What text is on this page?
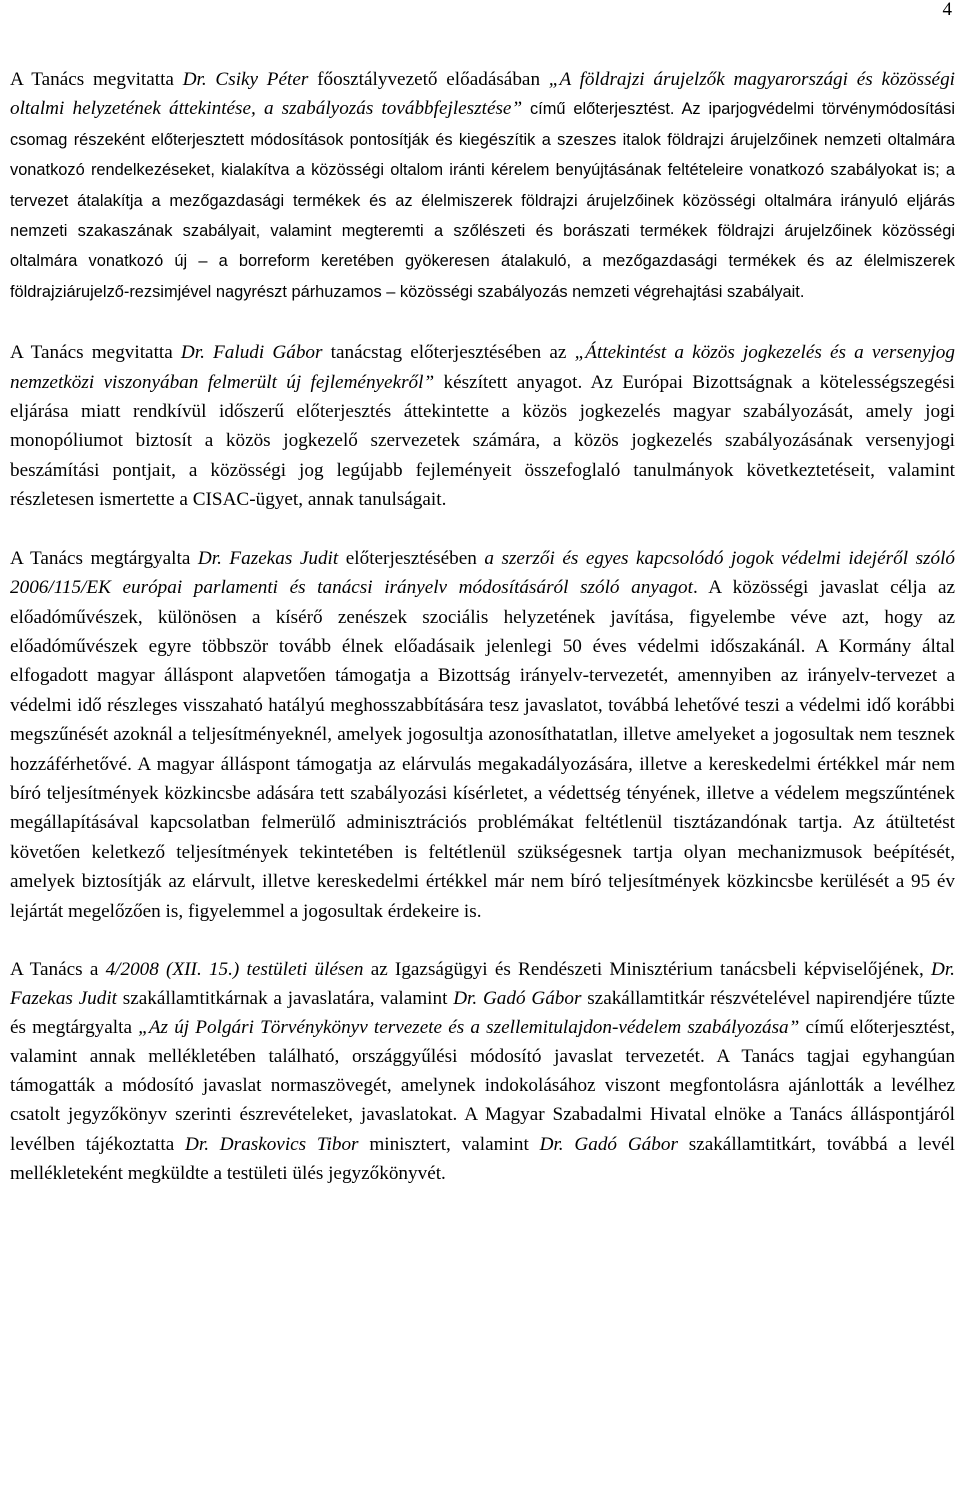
4

A Tanács megvitatta Dr. Csiky Péter főosztályvezető előadásában „A földrajzi árujelzők magyarországi és közösségi oltalmi helyzetének áttekintése, a szabályozás továbbfejlesztése” című előterjesztést. Az iparjogvédelmi törvénymódosítási csomag részeként előterjesztett módosítások pontosítják és kiegészítik a szeszes italok földrajzi árujelzőinek nemzeti oltalmára vonatkozó rendelkezéseket, kialakítva a közösségi oltalom iránti kérelem benyújtásának feltételeire vonatkozó szabályokat is; a tervezet átalakítja a mezőgazdasági termékek és az élelmiszerek földrajzi árujelzőinek közösségi oltalmára irányuló eljárás nemzeti szakaszának szabályait, valamint megteremti a szőlészeti és borászati termékek földrajzi árujelzőinek közösségi oltalmára vonatkozó új – a borreform keretében gyökeresen átalakuló, a mezőgazdasági termékek és az élelmiszerek földrajziárujelző-rezsimjével nagyrészt párhuzamos – közösségi szabályozás nemzeti végrehajtási szabályait.

A Tanács megvitatta Dr. Faludi Gábor tanácstag előterjesztésében az „Áttekintést a közös jogkezelés és a versenyjog nemzetközi viszonyában felmerült új fejleményekről” készített anyagot. Az Európai Bizottságnak a kötelességszegési eljárása miatt rendkívül időszerű előterjesztés áttekintette a közös jogkezelés magyar szabályozását, amely jogi monopóliumot biztosít a közös jogkezelő szervezetek számára, a közös jogkezelés szabályozásának versenyjogi beszámítási pontjait, a közösségi jog legújabb fejleményeit összefoglaló tanulmányok következtetéseit, valamint részletesen ismertette a CISAC-ügyet, annak tanulságait.

A Tanács megtárgyalta Dr. Fazekas Judit előterjesztésében a szerzői és egyes kapcsolódó jogok védelmi idejéről szóló 2006/115/EK európai parlamenti és tanácsi irányelv módosításáról szóló anyagot. A közösségi javaslat célja az előadóművészek, különösen a kísérő zenészek szociális helyzetének javítása, figyelembe véve azt, hogy az előadóművészek egyre többször tovább élnek előadásaik jelenlegi 50 éves védelmi időszakánál. A Kormány által elfogadott magyar álláspont alapvetően támogatja a Bizottság irányelv-tervezetét, amennyiben az irányelv-tervezet a védelmi idő részleges visszaható hatályú meghosszabbítására tesz javaslatot, továbbá lehetővé teszi a védelmi idő korábbi megszűnését azoknál a teljesítményeknél, amelyek jogosultja azonosíthatatlan, illetve amelyeket a jogosultak nem tesznek hozzáférhetővé. A magyar álláspont támogatja az elárvulás megakadályozására, illetve a kereskedelmi értékkel már nem bíró teljesítmények közkincsbe adására tett szabályozási kísérletet, a védettség tényének, illetve a védelem megszűntének megállapításával kapcsolatban felmerülő adminisztrációs problémákat feltétlenül tisztázandónak tartja. Az átültetést követően keletkező teljesítmények tekintetében is feltétlenül szükségesnek tartja olyan mechanizmusok beépítését, amelyek biztosítják az elárvult, illetve kereskedelmi értékkel már nem bíró teljesítmények közkincsbe kerülését a 95 év lejártát megelőzően is, figyelemmel a jogosultak érdekeire is.

A Tanács a 4/2008 (XII. 15.) testületi ülésen az Igazságügyi és Rendészeti Minisztérium tanácsbeli képviselőjének, Dr. Fazekas Judit szakállamtitkárnak a javaslatára, valamint Dr. Gadó Gábor szakállamtitkár részvételével napirendjére tűzte és megtárgyalta „Az új Polgári Törvénykönyv tervezete és a szellemitulajdon-védelem szabályozása” című előterjesztést, valamint annak mellékletében található, országgyűlési módosító javaslat tervezetét. A Tanács tagjai egyhangúan támogatták a módosító javaslat normaszövegét, amelynek indokolásához viszont megfontolásra ajánlották a levélhez csatolt jegyzőkönyv szerinti észrevételeket, javaslatokat. A Magyar Szabadalmi Hivatal elnöke a Tanács álláspontjáról levélben tájékoztatta Dr. Draskovics Tibor minisztert, valamint Dr. Gadó Gábor szakállamtitkárt, továbbá a levél mellékleteként megküldte a testületi ülés jegyzőkönyvét.
